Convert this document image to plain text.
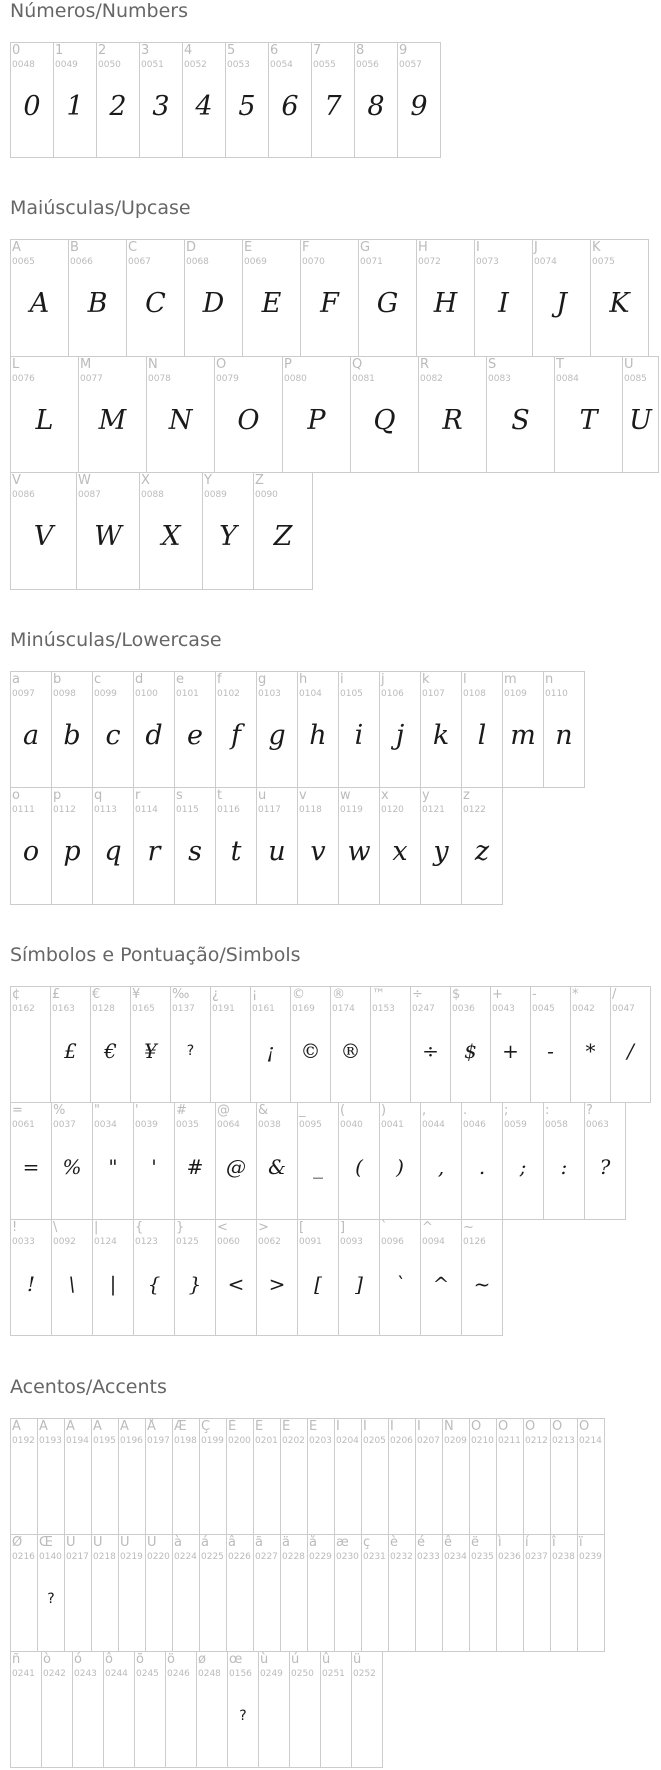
Números/Numbers
0
0048
0
1
0049
1
2
0050
2
3
0051
3
4
0052
4
5
0053
5
6
0054
6
7
0055
7
8
0056
8
9
0057
9
Maiúsculas/Upcase
A
0065
A
B
0066
B
C
0067
C
D
0068
D
E
0069
E
F
0070
F
G
0071
G
H
0072
H
I
0073
I
J
0074
J
K
0075
K
L
0076
L
M
0077
M
N
0078
N
O
0079
O
P
0080
P
Q
0081
Q
R
0082
R
S
0083
S
T
0084
T
U
0085
U
V
0086
V
W
0087
W
X
0088
X
Y
0089
Y
Z
0090
Z
Minúsculas/Lowercase
a
0097
a
b
0098
b
c
0099
c
d
0100
d
e
0101
e
f
0102
f
g
0103
g
h
0104
h
i
0105
i
j
0106
j
k
0107
k
l
0108
l
m
0109
m
n
0110
n
o
0111
o
p
0112
p
q
0113
q
r
0114
r
s
0115
s
t
0116
t
u
0117
u
v
0118
v
w
0119
w
x
0120
x
y
0121
y
z
0122
z
Símbolos e Pontuação/Simbols
¢
0162
£
0163
£
€
0128
€
¥
0165
¥
‰
0137
?
¿
0191
¡
0161
¡
©
0169
©
®
0174
®
™
0153
÷
0247
÷
$
0036
$
+
0043
+
-
0045
-
*
0042
*
/
0047
/
=
0061
=
%
0037
%
"
0034
"
'
0039
'
#
0035
#
@
0064
@
&
0038
&
_
0095
_
(
0040
(
)
0041
)
,
0044
,
.
0046
.
;
0059
;
:
0058
:
?
0063
?
!
0033
!
\
0092
\
|
0124
|
{
0123
{
}
0125
}
<
0060
<
>
0062
>
[
0091
[
]
0093
]
`
0096
`
^
0094
^
~
0126
~
Acentos/Accents
À
0192
Á
0193
Â
0194
Ã
0195
Ä
0196
Å
0197
Æ
0198
Ç
0199
È
0200
É
0201
Ê
0202
Ë
0203
Ì
0204
Í
0205
Î
0206
Ï
0207
Ñ
0209
Ò
0210
Ó
0211
Ô
0212
Õ
0213
Ö
0214
Ø
0216
Œ
0140
?
Ù
0217
Ú
0218
Û
0219
Ü
0220
à
0224
á
0225
â
0226
ã
0227
ä
0228
å
0229
æ
0230
ç
0231
è
0232
é
0233
ê
0234
ë
0235
ì
0236
í
0237
î
0238
ï
0239
ñ
0241
ò
0242
ó
0243
ô
0244
õ
0245
ö
0246
ø
0248
œ
0156
?
ù
0249
ú
0250
û
0251
ü
0252
